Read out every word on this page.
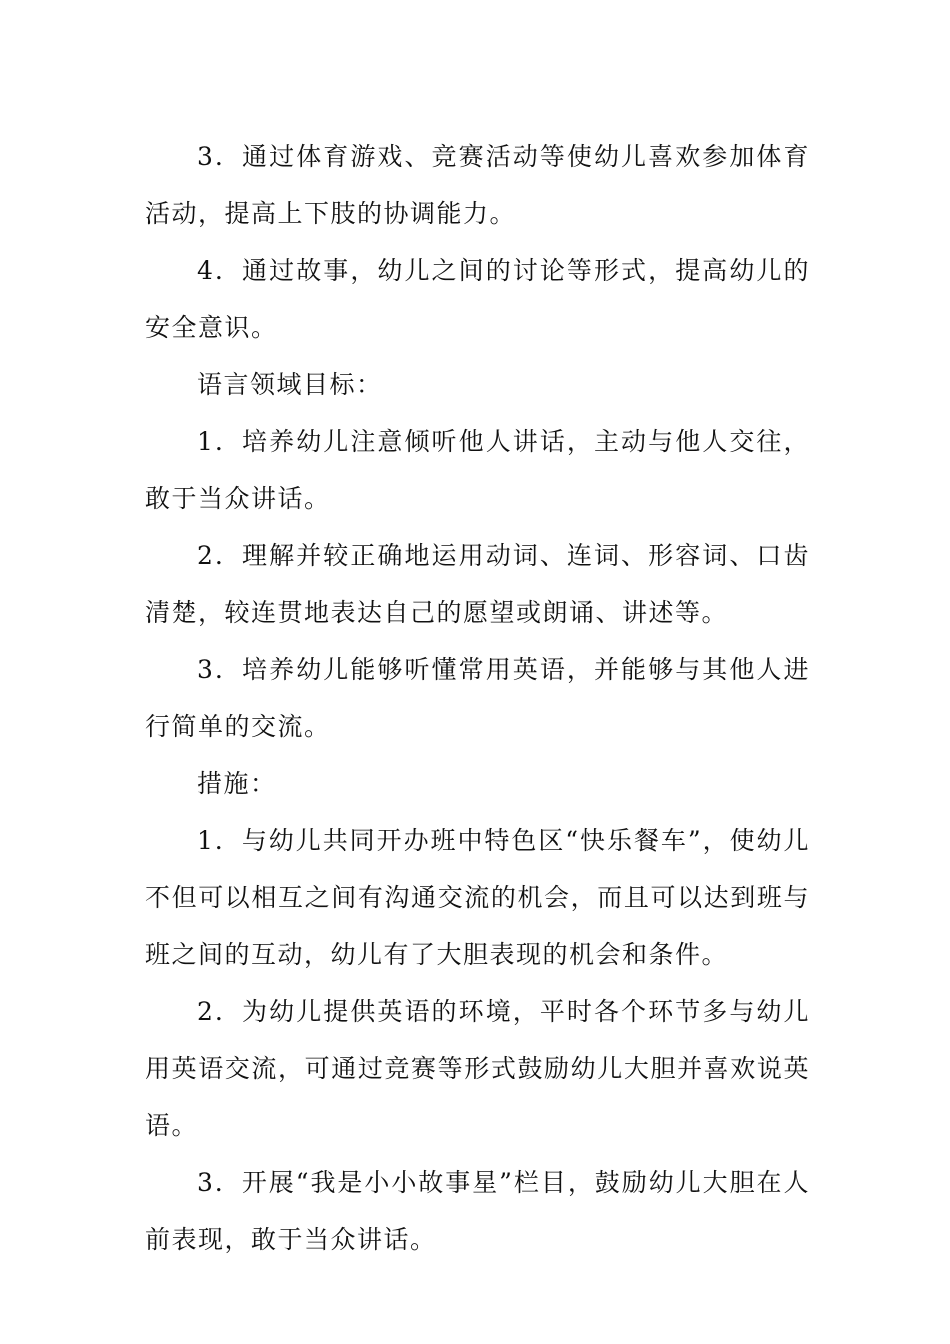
3．通过体育游戏、竞赛活动等使幼儿喜欢参加体育活动，提高上下肢的协调能力。

4．通过故事，幼儿之间的讨论等形式，提高幼儿的安全意识。

语言领域目标：

1．培养幼儿注意倾听他人讲话，主动与他人交往，敢于当众讲话。

2．理解并较正确地运用动词、连词、形容词、口齿清楚，较连贯地表达自己的愿望或朗诵、讲述等。

3．培养幼儿能够听懂常用英语，并能够与其他人进行简单的交流。

措施：

1．与幼儿共同开办班中特色区“快乐餐车”，使幼儿不但可以相互之间有沟通交流的机会，而且可以达到班与班之间的互动，幼儿有了大胆表现的机会和条件。

2．为幼儿提供英语的环境，平时各个环节多与幼儿用英语交流，可通过竞赛等形式鼓励幼儿大胆并喜欢说英语。

3．开展“我是小小故事星”栏目，鼓励幼儿大胆在人前表现，敢于当众讲话。
